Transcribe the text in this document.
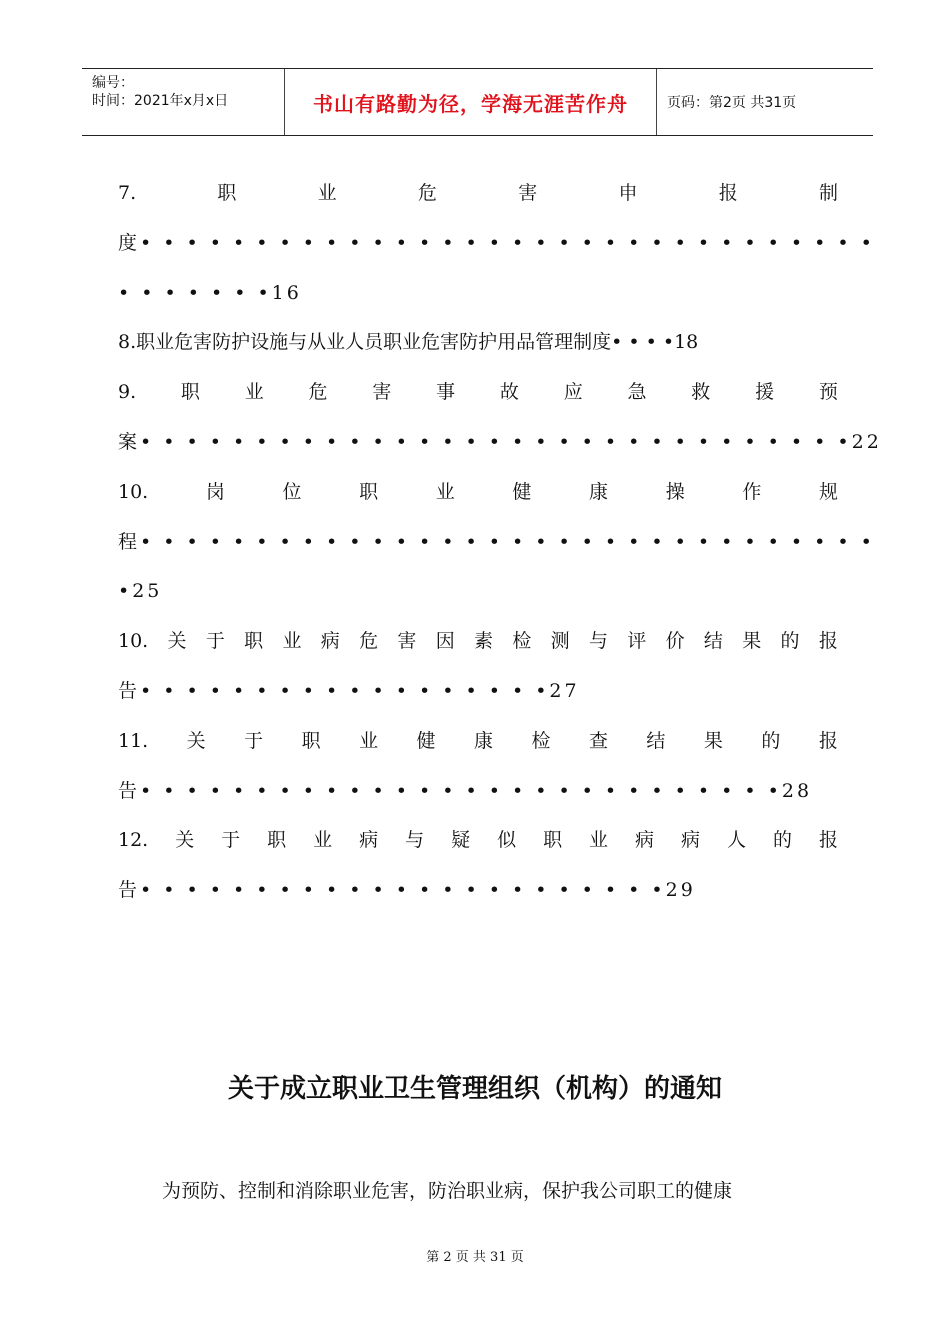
编号：
时间：2021年x月x日	书山有路勤为径，学海无涯苦作舟	页码：第2页 共31页
7.	职	业	危	害	申	报	制
度• • • • • • • • • • • • • • • • • • • • • • • • • • • • • • • •
• • • • • • •16
8.职业危害防护设施与从业人员职业危害防护用品管理制度• • • •18
9. 职 业 危 害 事 故 应 急 救 援 预
案• • • • • • • • • • • • • • • • • • • • • • • • • • • • • • •22
10.	岗	位	职	业	健	康	操	作	规
程• • • • • • • • • • • • • • • • • • • • • • • • • • • • • • • •
•25
10. 关 于 职 业 病 危 害 因 素 检 测 与 评 价 结 果 的 报
告• • • • • • • • • • • • • • • • • •27
11. 关 于 职 业 健 康 检 查 结 果 的 报
告• • • • • • • • • • • • • • • • • • • • • • • • • • • •28
12. 关 于 职 业 病 与 疑 似 职 业 病 病 人 的 报
告• • • • • • • • • • • • • • • • • • • • • • •29
关于成立职业卫生管理组织（机构）的通知
为预防、控制和消除职业危害，防治职业病，保护我公司职工的健康
第 2 页 共 31 页
